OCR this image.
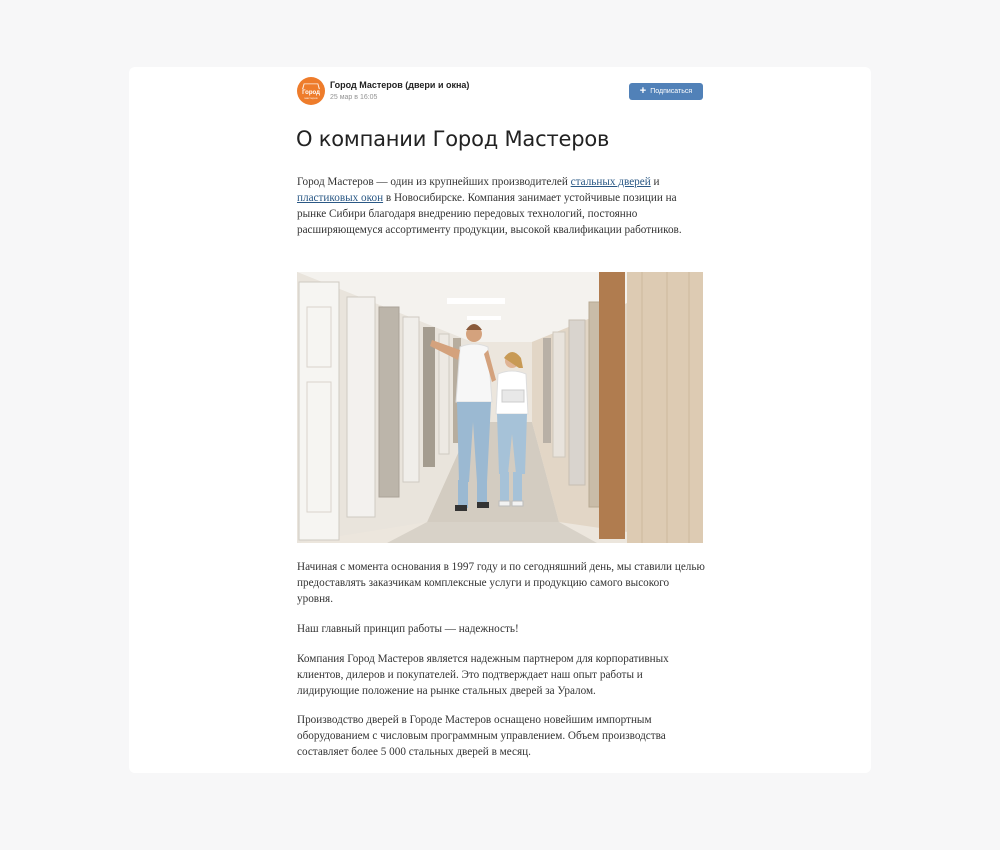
Город
мастеров
Город Мастеров (двери и окна)
25 мар в 16:05
+ Подписаться
О компании Город Мастеров

Город Мастеров — один из крупнейших производителей стальных дверей и пластиковых окон в Новосибирске. Компания занимает устойчивые позиции на рынке Сибири благодаря внедрению передовых технологий, постоянно расширяющемуся ассортименту продукции, высокой квалификации работников.

Начиная с момента основания в 1997 году и по сегодняшний день, мы ставили целью предоставлять заказчикам комплексные услуги и продукцию самого высокого уровня.

Наш главный принцип работы — надежность!

Компания Город Мастеров является надежным партнером для корпоративных клиентов, дилеров и покупателей. Это подтверждает наш опыт работы и лидирующие положение на рынке стальных дверей за Уралом.

Производство дверей в Городе Мастеров оснащено новейшим импортным оборудованием с числовым программным управлением. Объем производства составляет более 5 000 стальных дверей в месяц.
